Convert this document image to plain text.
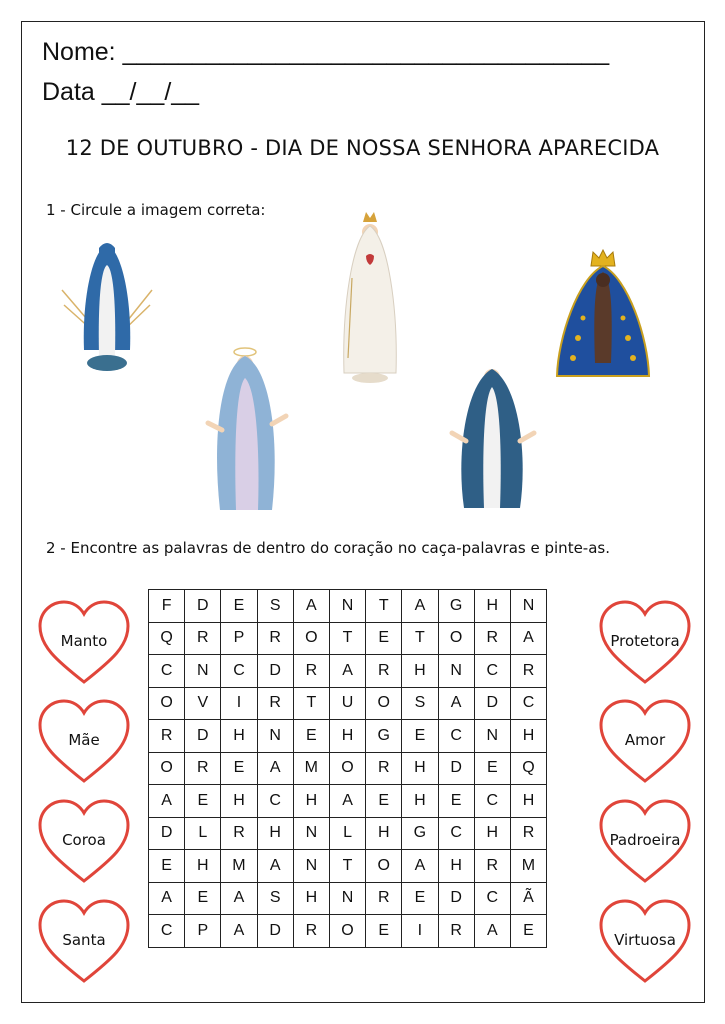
Nome: ___________________________________
Data __/__/__
12 DE OUTUBRO - DIA DE NOSSA SENHORA APARECIDA
1 - Circule a imagem correta:
2 - Encontre as palavras de dentro do coração no caça-palavras e pinte-as.
F	D	E	S	A	N	T	A	G	H	N
Q	R	P	R	O	T	E	T	O	R	A
C	N	C	D	R	A	R	H	N	C	R
O	V	I	R	T	U	O	S	A	D	C
R	D	H	N	E	H	G	E	C	N	H
O	R	E	A	M	O	R	H	D	E	Q
A	E	H	C	H	A	E	H	E	C	H
D	L	R	H	N	L	H	G	C	H	R
E	H	M	A	N	T	O	A	H	R	M
A	E	A	S	H	N	R	E	D	C	Ã
C	P	A	D	R	O	E	I	R	A	E
Manto
Mãe
Coroa
Santa
Protetora
Amor
Padroeira
Virtuosa
